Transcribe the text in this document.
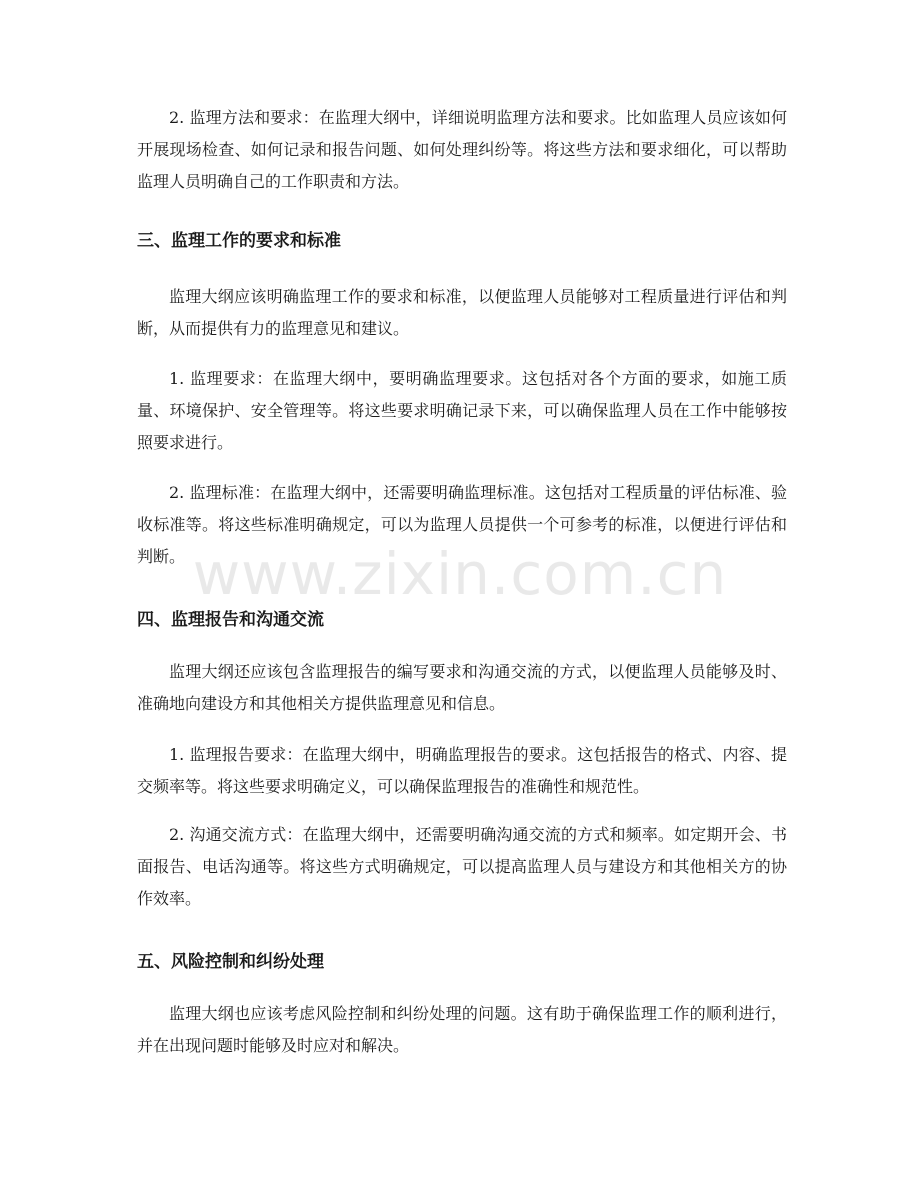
2. 监理方法和要求：在监理大纲中，详细说明监理方法和要求。比如监理人员应该如何开展现场检查、如何记录和报告问题、如何处理纠纷等。将这些方法和要求细化，可以帮助监理人员明确自己的工作职责和方法。

三、监理工作的要求和标准

监理大纲应该明确监理工作的要求和标准，以便监理人员能够对工程质量进行评估和判断，从而提供有力的监理意见和建议。

1. 监理要求：在监理大纲中，要明确监理要求。这包括对各个方面的要求，如施工质量、环境保护、安全管理等。将这些要求明确记录下来，可以确保监理人员在工作中能够按照要求进行。

2. 监理标准：在监理大纲中，还需要明确监理标准。这包括对工程质量的评估标准、验收标准等。将这些标准明确规定，可以为监理人员提供一个可参考的标准，以便进行评估和判断。

四、监理报告和沟通交流

监理大纲还应该包含监理报告的编写要求和沟通交流的方式，以便监理人员能够及时、准确地向建设方和其他相关方提供监理意见和信息。

1. 监理报告要求：在监理大纲中，明确监理报告的要求。这包括报告的格式、内容、提交频率等。将这些要求明确定义，可以确保监理报告的准确性和规范性。

2. 沟通交流方式：在监理大纲中，还需要明确沟通交流的方式和频率。如定期开会、书面报告、电话沟通等。将这些方式明确规定，可以提高监理人员与建设方和其他相关方的协作效率。

五、风险控制和纠纷处理

监理大纲也应该考虑风险控制和纠纷处理的问题。这有助于确保监理工作的顺利进行，并在出现问题时能够及时应对和解决。

www.zixin.com.cn
